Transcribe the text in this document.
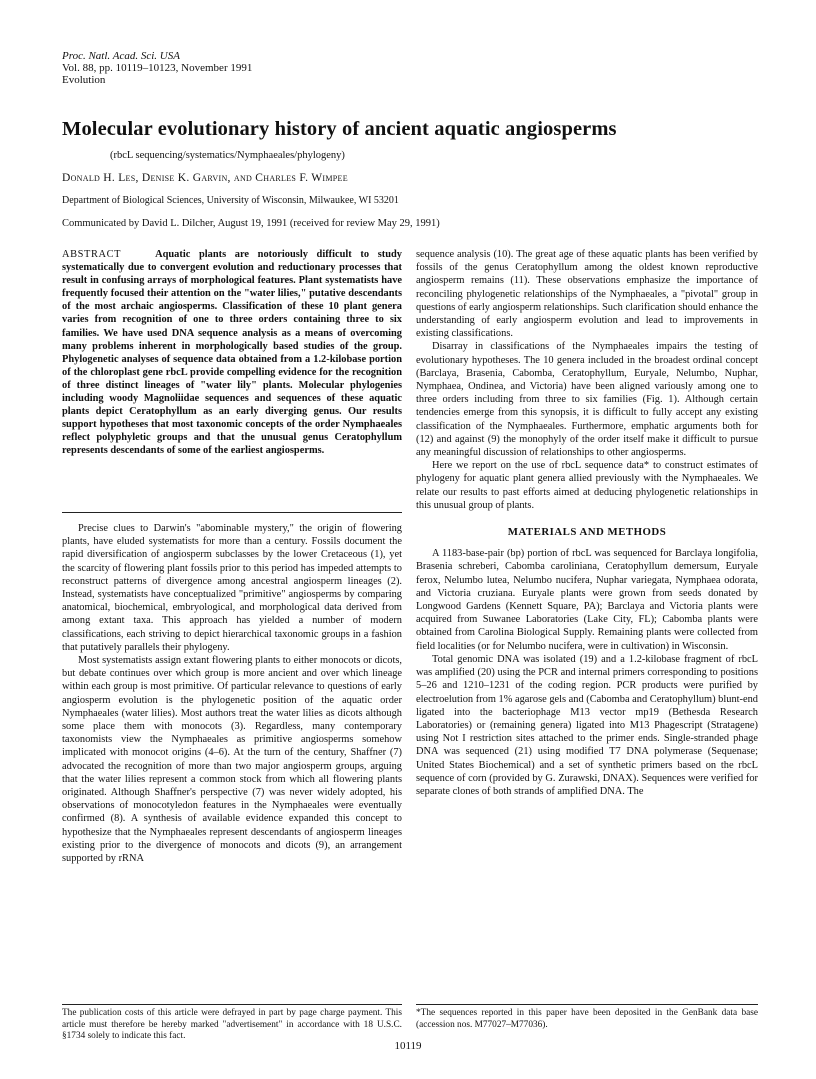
Proc. Natl. Acad. Sci. USA
Vol. 88, pp. 10119–10123, November 1991
Evolution
Molecular evolutionary history of ancient aquatic angiosperms
(rbcL sequencing/systematics/Nymphaeales/phylogeny)
Donald H. Les, Denise K. Garvin, and Charles F. Wimpee
Department of Biological Sciences, University of Wisconsin, Milwaukee, WI 53201
Communicated by David L. Dilcher, August 19, 1991 (received for review May 29, 1991)
ABSTRACT	Aquatic plants are notoriously difficult to study systematically due to convergent evolution and reductionary processes that result in confusing arrays of morphological features. Plant systematists have frequently focused their attention on the "water lilies," putative descendants of the most archaic angiosperms. Classification of these 10 plant genera varies from recognition of one to three orders containing three to six families. We have used DNA sequence analysis as a means of overcoming many problems inherent in morphologically based studies of the group. Phylogenetic analyses of sequence data obtained from a 1.2-kilobase portion of the chloroplast gene rbcL provide compelling evidence for the recognition of three distinct lineages of "water lily" plants. Molecular phylogenies including woody Magnoliidae sequences and sequences of these aquatic plants depict Ceratophyllum as an early diverging genus. Our results support hypotheses that most taxonomic concepts of the order Nymphaeales reflect polyphyletic groups and that the unusual genus Ceratophyllum represents descendants of some of the earliest angiosperms.

Precise clues to Darwin's "abominable mystery," the origin of flowering plants, have eluded systematists for more than a century. Fossils document the rapid diversification of angiosperm subclasses by the lower Cretaceous (1), yet the scarcity of flowering plant fossils prior to this period has impeded attempts to reconstruct patterns of divergence among ancestral angiosperm lineages (2). Instead, systematists have conceptualized "primitive" angiosperms by comparing anatomical, biochemical, embryological, and morphological data derived from among extant taxa. This approach has yielded a number of modern classifications, each striving to depict hierarchical taxonomic groups in a fashion that putatively parallels their phylogeny.

Most systematists assign extant flowering plants to either monocots or dicots, but debate continues over which group is more ancient and over which lineage within each group is most primitive. Of particular relevance to questions of early angiosperm evolution is the phylogenetic position of the aquatic order Nymphaeales (water lilies). Most authors treat the water lilies as dicots although some place them with monocots (3). Regardless, many contemporary taxonomists view the Nymphaeales as primitive angiosperms somehow implicated with monocot origins (4–6). At the turn of the century, Shaffner (7) advocated the recognition of more than two major angiosperm groups, arguing that the water lilies represent a common stock from which all flowering plants originated. Although Shaffner's perspective (7) was never widely adopted, his observations of monocotyledon features in the Nymphaeales were eventually confirmed (8). A synthesis of available evidence expanded this concept to hypothesize that the Nymphaeales represent descendants of angiosperm lineages existing prior to the divergence of monocots and dicots (9), an arrangement supported by rRNA

sequence analysis (10). The great age of these aquatic plants has been verified by fossils of the genus Ceratophyllum among the oldest known reproductive angiosperm remains (11). These observations emphasize the importance of reconciling phylogenetic relationships of the Nymphaeales, a "pivotal" group in questions of early angiosperm relationships. Such clarification should enhance the understanding of early angiosperm evolution and lead to improvements in existing classifications.

Disarray in classifications of the Nymphaeales impairs the testing of evolutionary hypotheses. The 10 genera included in the broadest ordinal concept (Barclaya, Brasenia, Cabomba, Ceratophyllum, Euryale, Nelumbo, Nuphar, Nymphaea, Ondinea, and Victoria) have been aligned variously among one to three orders including from three to six families (Fig. 1). Although certain tendencies emerge from this synopsis, it is difficult to fully accept any existing classification of the Nymphaeales. Furthermore, emphatic arguments both for (12) and against (9) the monophyly of the order itself make it difficult to pursue any meaningful discussion of relationships to other angiosperms.

Here we report on the use of rbcL sequence data* to construct estimates of phylogeny for aquatic plant genera allied previously with the Nymphaeales. We relate our results to past efforts aimed at deducing phylogenetic relationships in this unusual group of plants.

MATERIALS AND METHODS

A 1183-base-pair (bp) portion of rbcL was sequenced for Barclaya longifolia, Brasenia schreberi, Cabomba caroliniana, Ceratophyllum demersum, Euryale ferox, Nelumbo lutea, Nelumbo nucifera, Nuphar variegata, Nymphaea odorata, and Victoria cruziana. Euryale plants were grown from seeds donated by Longwood Gardens (Kennett Square, PA); Barclaya and Victoria plants were acquired from Suwanee Laboratories (Lake City, FL); Cabomba plants were obtained from Carolina Biological Supply. Remaining plants were collected from field localities (or for Nelumbo nucifera, were in cultivation) in Wisconsin.

Total genomic DNA was isolated (19) and a 1.2-kilobase fragment of rbcL was amplified (20) using the PCR and internal primers corresponding to positions 5–26 and 1210–1231 of the coding region. PCR products were purified by electroelution from 1% agarose gels and (Cabomba and Ceratophyllum) blunt-end ligated into the bacteriophage M13 vector mp19 (Bethesda Research Laboratories) or (remaining genera) ligated into M13 Phagescript (Stratagene) using Not I restriction sites attached to the primer ends. Single-stranded phage DNA was sequenced (21) using modified T7 DNA polymerase (Sequenase; United States Biochemical) and a set of synthetic primers based on the rbcL sequence of corn (provided by G. Zurawski, DNAX). Sequences were verified for separate clones of both strands of amplified DNA. The

The publication costs of this article were defrayed in part by page charge payment. This article must therefore be hereby marked "advertisement" in accordance with 18 U.S.C. §1734 solely to indicate this fact.
*The sequences reported in this paper have been deposited in the GenBank data base (accession nos. M77027–M77036).
10119
